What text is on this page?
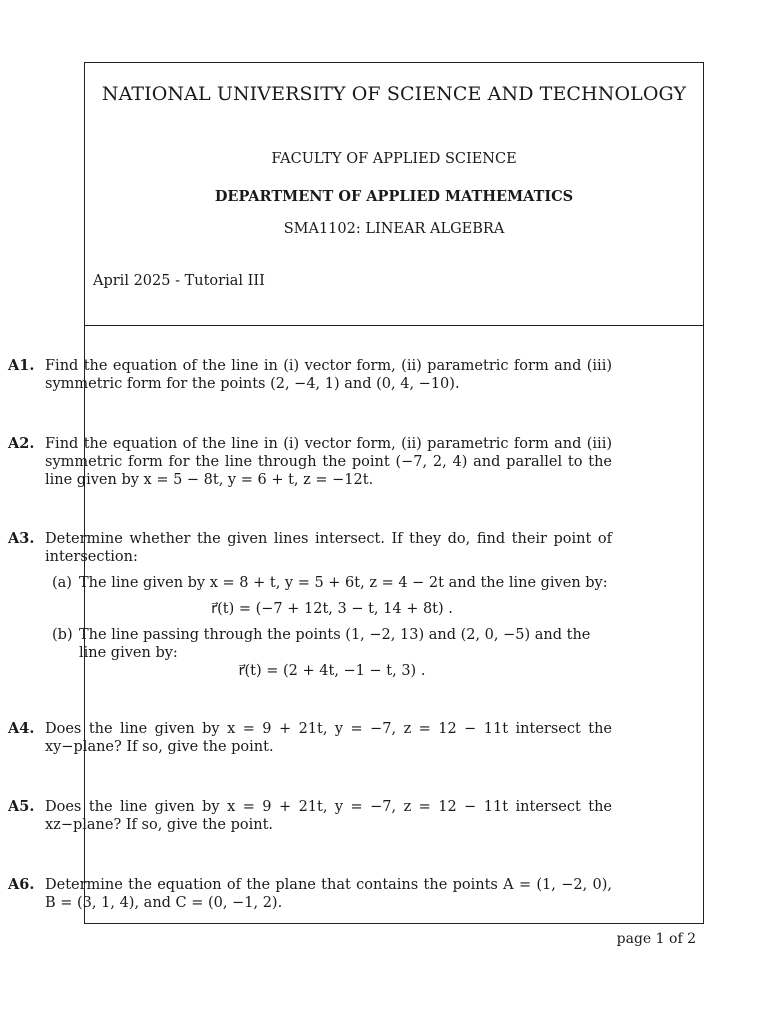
NATIONAL UNIVERSITY OF SCIENCE AND TECHNOLOGY
FACULTY OF APPLIED SCIENCE
DEPARTMENT OF APPLIED MATHEMATICS
SMA1102: LINEAR ALGEBRA
April 2025 - Tutorial III
A1. Find the equation of the line in (i) vector form, (ii) parametric form and (iii) symmetric form for the points (2, −4, 1) and (0, 4, −10).
A2. Find the equation of the line in (i) vector form, (ii) parametric form and (iii) symmetric form for the line through the point (−7, 2, 4) and parallel to the line given by x = 5 − 8t, y = 6 + t, z = −12t.
A3. Determine whether the given lines intersect. If they do, find their point of intersection:
(a) The line given by x = 8 + t, y = 5 + 6t, z = 4 − 2t and the line given by:
r⃗(t) = (−7 + 12t, 3 − t, 14 + 8t) .
(b) The line passing through the points (1, −2, 13) and (2, 0, −5) and the line given by:
r⃗(t) = (2 + 4t, −1 − t, 3) .
A4. Does the line given by x = 9 + 21t, y = −7, z = 12 − 11t intersect the xy−plane? If so, give the point.
A5. Does the line given by x = 9 + 21t, y = −7, z = 12 − 11t intersect the xz−plane? If so, give the point.
A6. Determine the equation of the plane that contains the points A = (1, −2, 0), B = (3, 1, 4), and C = (0, −1, 2).
page 1 of 2
